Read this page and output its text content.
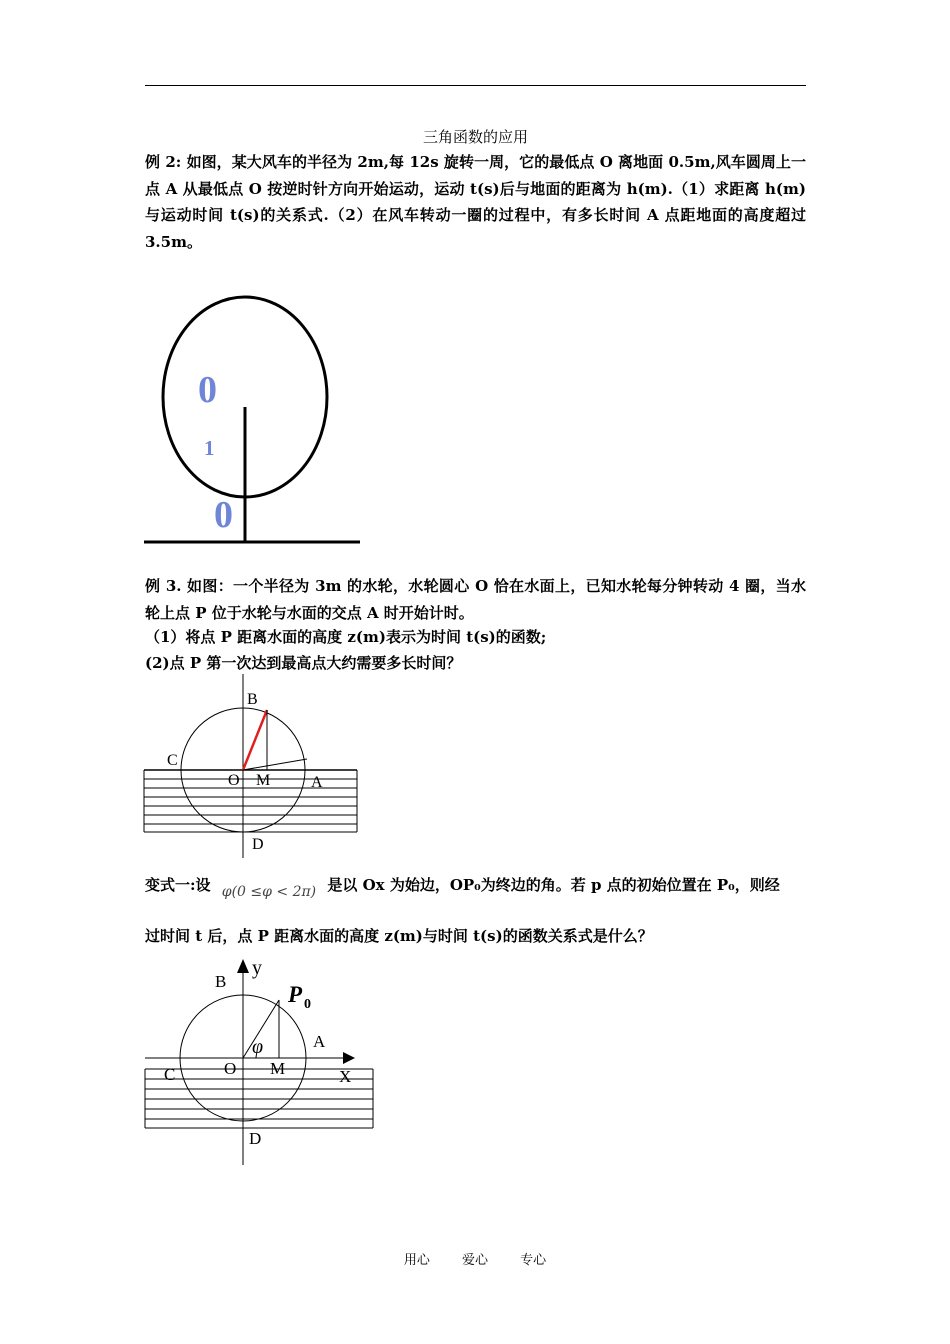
三角函数的应用

例 2: 如图，某大风车的半径为 2m,每 12s 旋转一周，它的最低点 O 离地面 0.5m,风车圆周上一点 A 从最低点 O 按逆时针方向开始运动，运动 t(s)后与地面的距离为 h(m).（1）求距离 h(m)与运动时间 t(s)的关系式.（2）在风车转动一圈的过程中，有多长时间 A 点距地面的高度超过 3.5m。

0
1
0

例 3. 如图：一个半径为 3m 的水轮，水轮圆心 O 恰在水面上，已知水轮每分钟转动 4 圈，当水轮上点 P 位于水轮与水面的交点 A 时开始计时。

（1）将点 P 距离水面的高度 z(m)表示为时间 t(s)的函数;
(2)点 P 第一次达到最高点大约需要多长时间？
B
C
O M	A
D
变式一:设 φ(0 ≤φ < 2π) 是以 Ox 为始边，OP₀为终边的角。若 p 点的初始位置在 P₀，则经
过时间 t 后，点 P 距离水面的高度 z(m)与时间 t(s)的函数关系式是什么？
B
y
P 0
φ	A
C	O M	X
D
用心 爱心 专心
